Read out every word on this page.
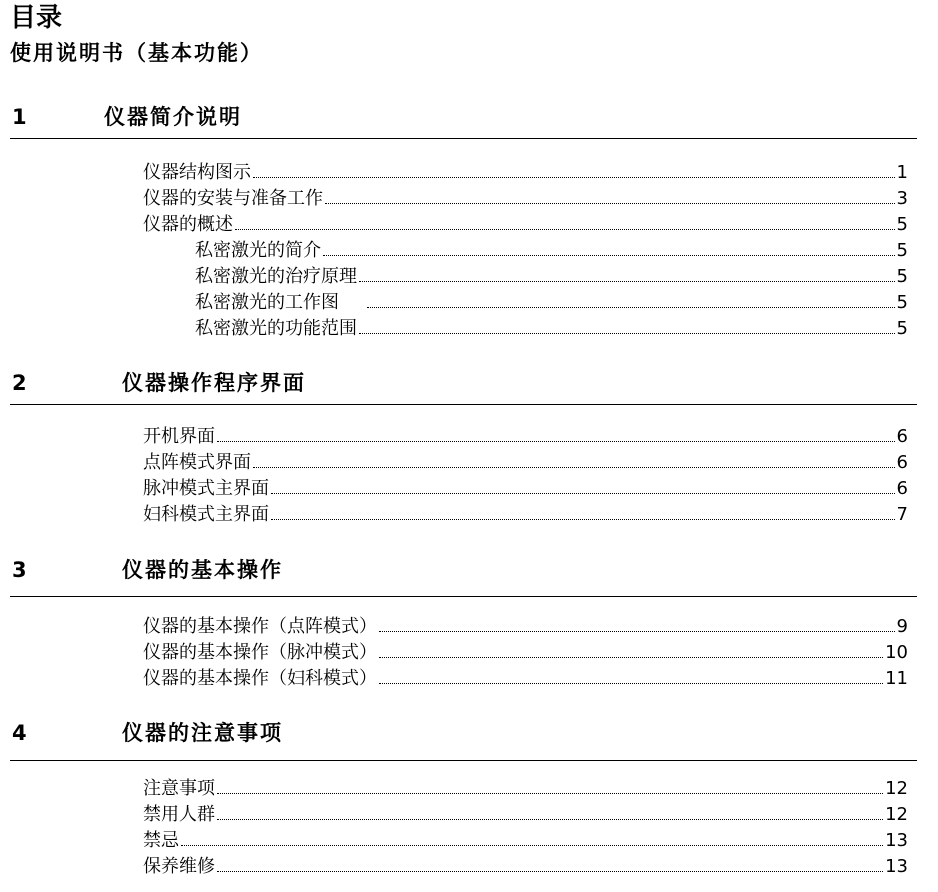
目录
使用说明书（基本功能）
1	仪器简介说明
仪器结构图示	1
仪器的安装与准备工作	3
仪器的概述	5
私密激光的简介	5
私密激光的治疗原理	5
私密激光的工作图	5
私密激光的功能范围	5
2	仪器操作程序界面
开机界面	6
点阵模式界面	6
脉冲模式主界面	6
妇科模式主界面	7
3	仪器的基本操作
仪器的基本操作（点阵模式）	9
仪器的基本操作（脉冲模式）	10
仪器的基本操作（妇科模式）	11
4	仪器的注意事项
注意事项	12
禁用人群	12
禁忌	13
保养维修	13
